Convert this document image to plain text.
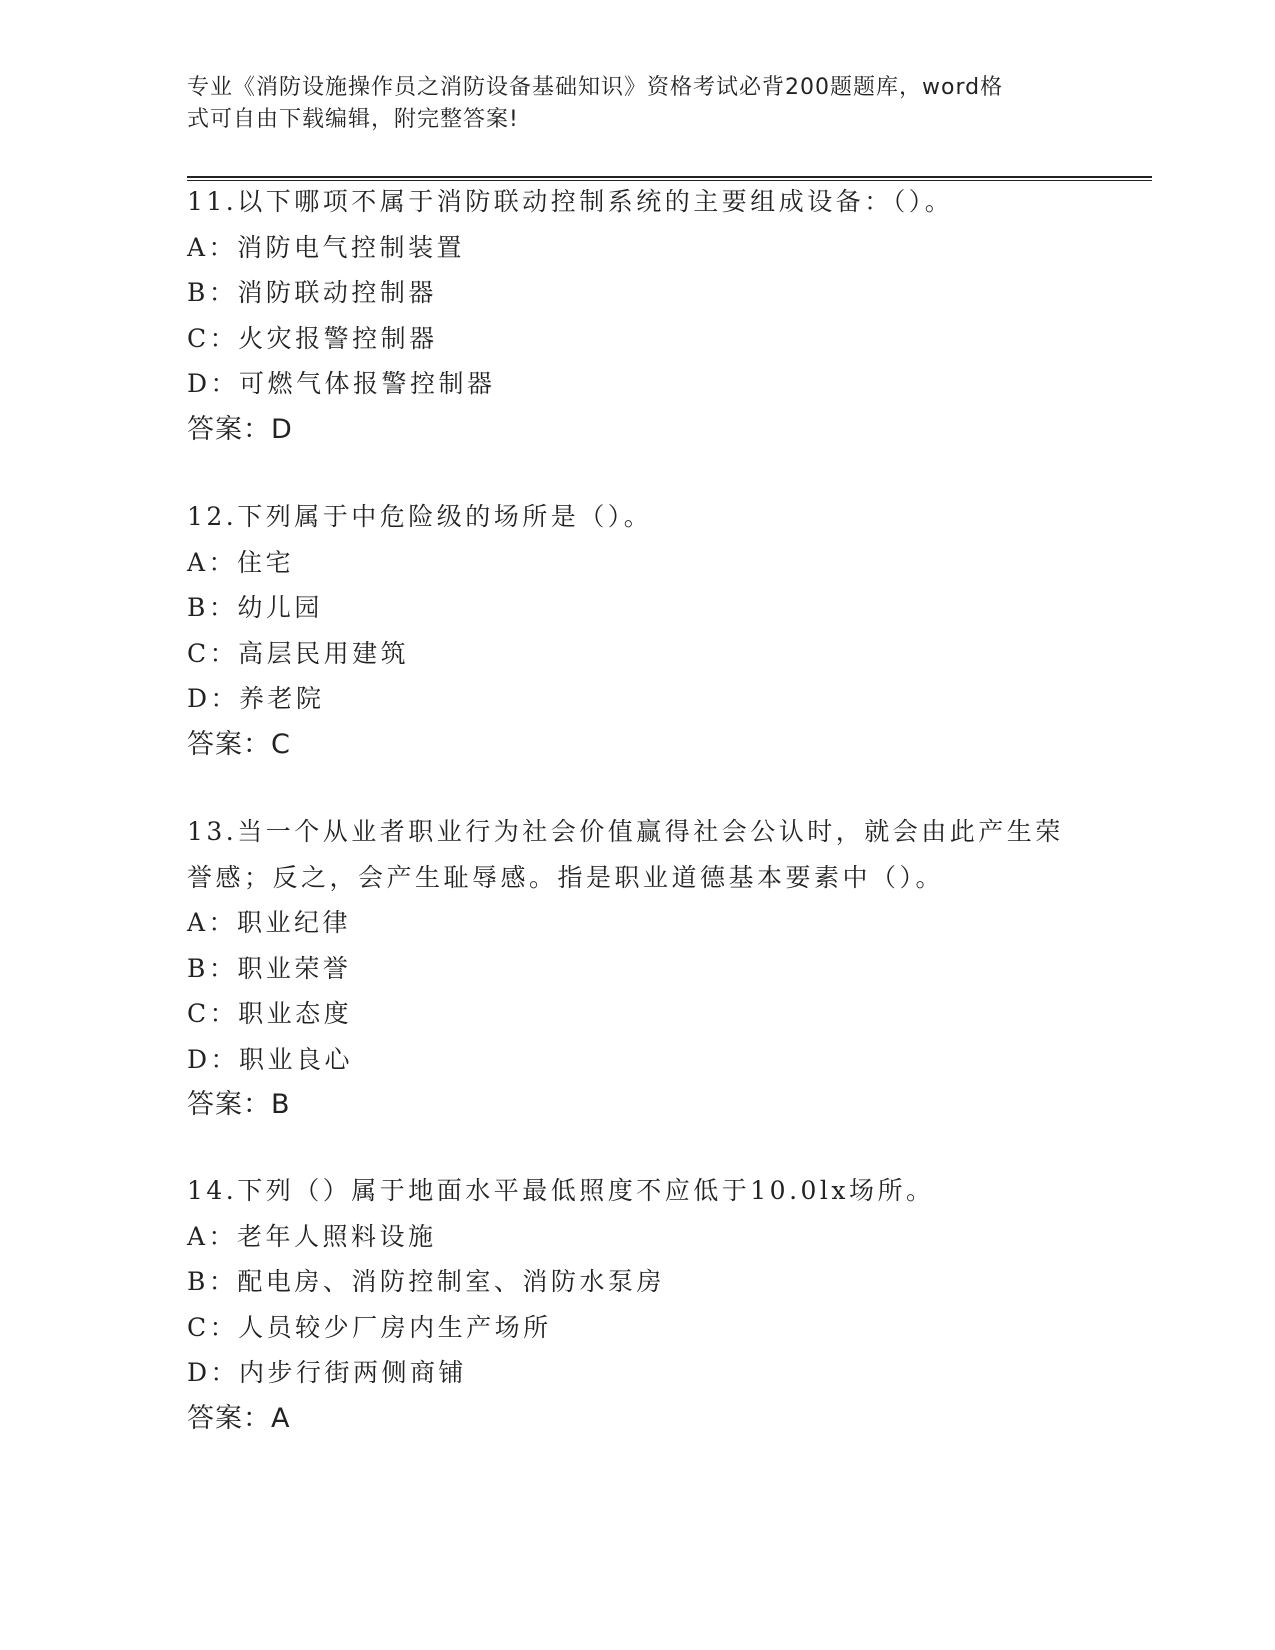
专业《消防设施操作员之消防设备基础知识》资格考试必背200题题库，word格
式可自由下载编辑，附完整答案!
11.以下哪项不属于消防联动控制系统的主要组成设备：（）。
A：消防电气控制装置
B：消防联动控制器
C：火灾报警控制器
D：可燃气体报警控制器
答案：D
12.下列属于中危险级的场所是（）。
A：住宅
B：幼儿园
C：高层民用建筑
D：养老院
答案：C
13.当一个从业者职业行为社会价值赢得社会公认时，就会由此产生荣
誉感；反之，会产生耻辱感。指是职业道德基本要素中（）。
A：职业纪律
B：职业荣誉
C：职业态度
D：职业良心
答案：B
14.下列（）属于地面水平最低照度不应低于10.0lx场所。
A：老年人照料设施
B：配电房、消防控制室、消防水泵房
C：人员较少厂房内生产场所
D：内步行街两侧商铺
答案：A
